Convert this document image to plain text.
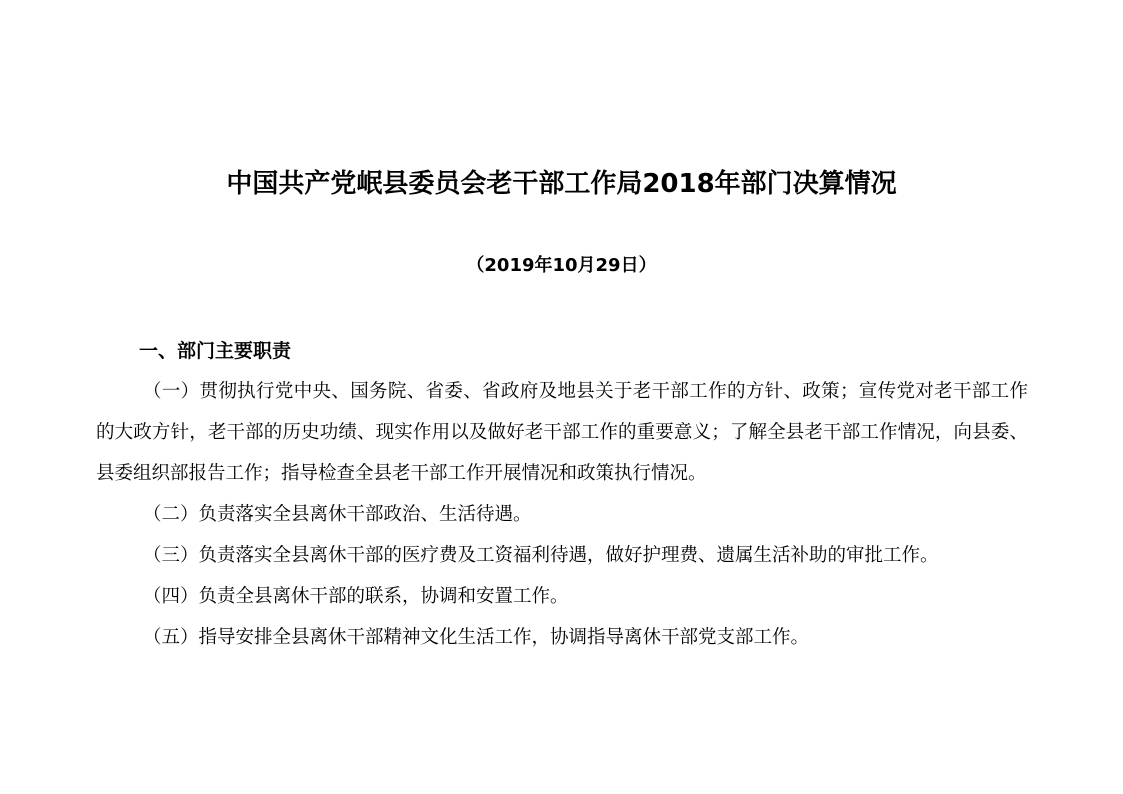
中国共产党岷县委员会老干部工作局2018年部门决算情况
（2019年10月29日）
一、部门主要职责

（一）贯彻执行党中央、国务院、省委、省政府及地县关于老干部工作的方针、政策；宣传党对老干部工作的大政方针，老干部的历史功绩、现实作用以及做好老干部工作的重要意义；了解全县老干部工作情况，向县委、县委组织部报告工作；指导检查全县老干部工作开展情况和政策执行情况。

（二）负责落实全县离休干部政治、生活待遇。

（三）负责落实全县离休干部的医疗费及工资福利待遇，做好护理费、遗属生活补助的审批工作。

（四）负责全县离休干部的联系，协调和安置工作。

（五）指导安排全县离休干部精神文化生活工作，协调指导离休干部党支部工作。
